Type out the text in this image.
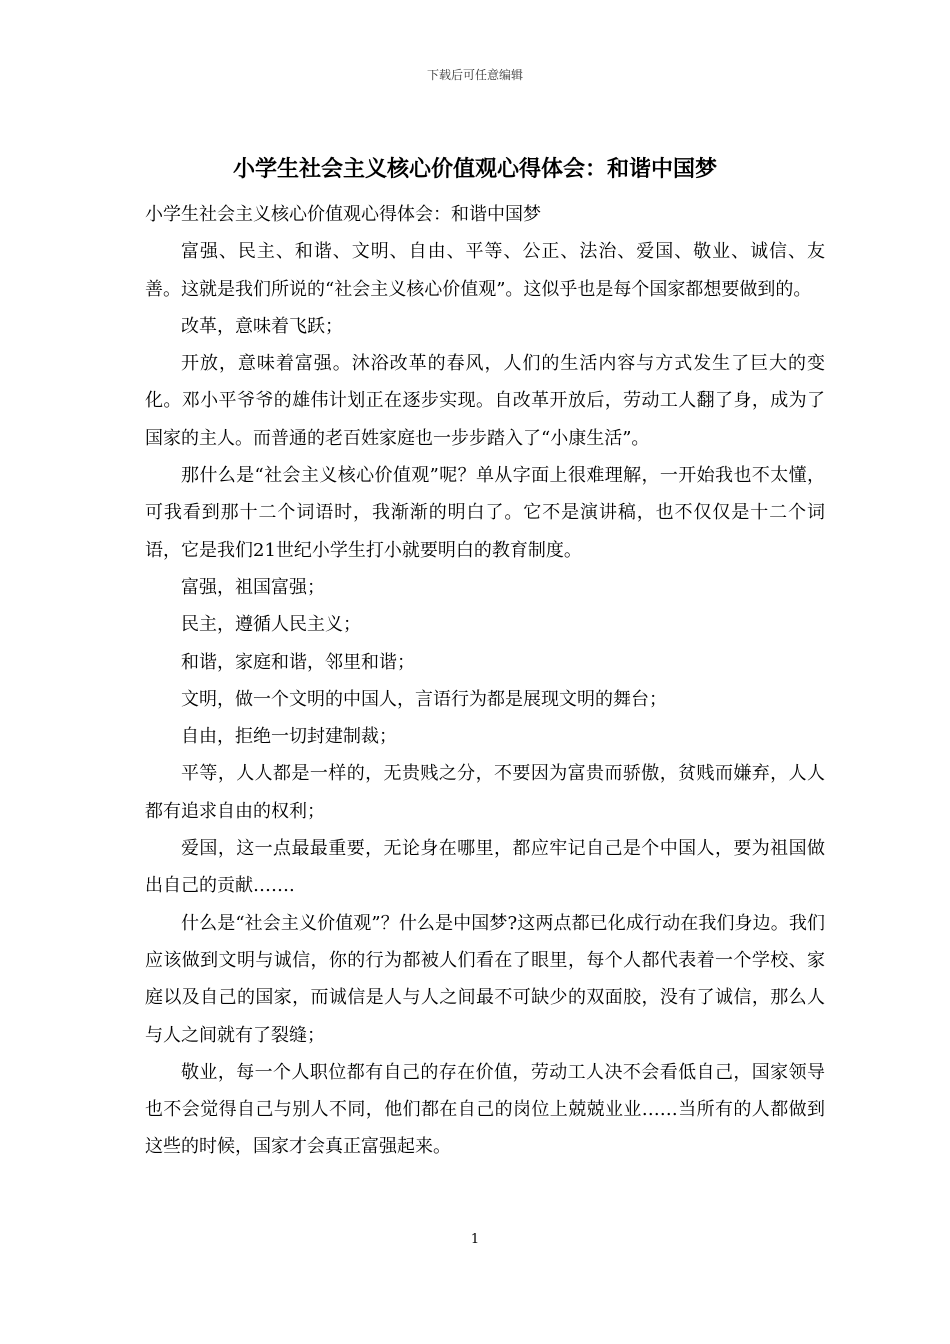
下载后可任意编辑
小学生社会主义核心价值观心得体会：和谐中国梦

小学生社会主义核心价值观心得体会：和谐中国梦

富强、民主、和谐、文明、自由、平等、公正、法治、爱国、敬业、诚信、友善。这就是我们所说的“社会主义核心价值观”。这似乎也是每个国家都想要做到的。

改革，意味着飞跃；

开放，意味着富强。沐浴改革的春风，人们的生活内容与方式发生了巨大的变化。邓小平爷爷的雄伟计划正在逐步实现。自改革开放后，劳动工人翻了身，成为了国家的主人。而普通的老百姓家庭也一步步踏入了“小康生活”。

那什么是“社会主义核心价值观”呢？单从字面上很难理解，一开始我也不太懂，可我看到那十二个词语时，我渐渐的明白了。它不是演讲稿，也不仅仅是十二个词语，它是我们21世纪小学生打小就要明白的教育制度。

富强，祖国富强；

民主，遵循人民主义；

和谐，家庭和谐，邻里和谐；

文明，做一个文明的中国人，言语行为都是展现文明的舞台；

自由，拒绝一切封建制裁；

平等，人人都是一样的，无贵贱之分，不要因为富贵而骄傲，贫贱而嫌弃，人人都有追求自由的权利；

爱国，这一点最最重要，无论身在哪里，都应牢记自己是个中国人，要为祖国做出自己的贡献…….

什么是“社会主义价值观”？什么是中国梦?这两点都已化成行动在我们身边。我们应该做到文明与诚信，你的行为都被人们看在了眼里，每个人都代表着一个学校、家庭以及自己的国家，而诚信是人与人之间最不可缺少的双面胶，没有了诚信，那么人与人之间就有了裂缝；

敬业，每一个人职位都有自己的存在价值，劳动工人决不会看低自己，国家领导也不会觉得自己与别人不同，他们都在自己的岗位上兢兢业业……当所有的人都做到这些的时候，国家才会真正富强起来。

1
